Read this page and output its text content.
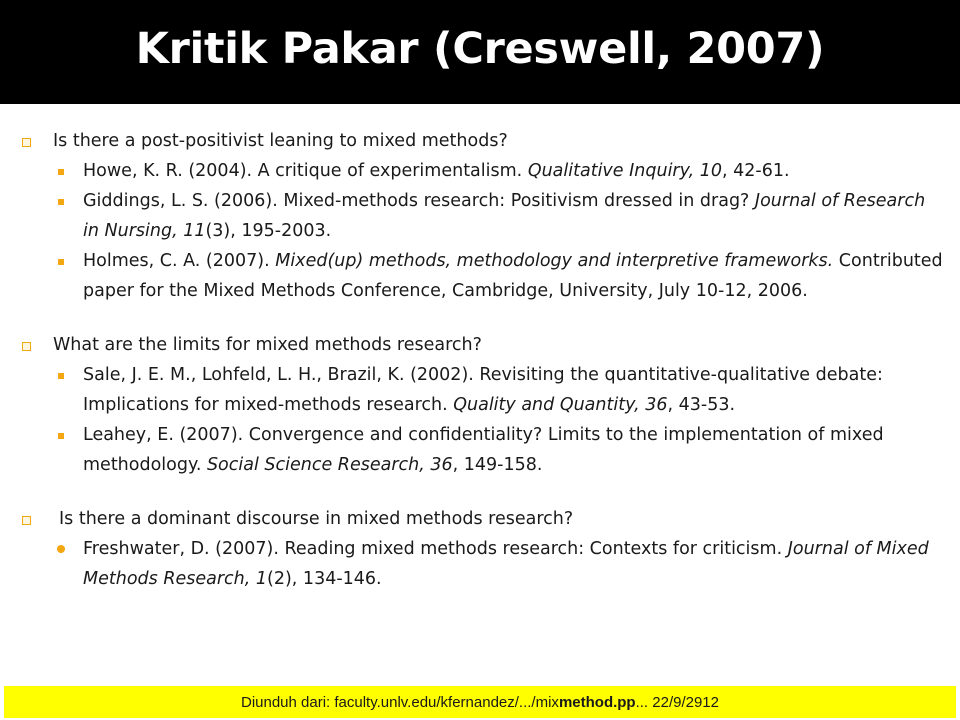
Kritik Pakar (Creswell, 2007)
Is there a post-positivist leaning to mixed methods?
Howe, K. R. (2004). A critique of experimentalism. Qualitative Inquiry, 10, 42-61.
Giddings, L. S. (2006). Mixed-methods research: Positivism dressed in drag? Journal of Research in Nursing, 11(3), 195-2003.
Holmes, C. A. (2007). Mixed(up) methods, methodology and interpretive frameworks. Contributed paper for the Mixed Methods Conference, Cambridge, University, July 10-12, 2006.
What are the limits for mixed methods research?
Sale, J. E. M., Lohfeld, L. H., Brazil, K. (2002). Revisiting the quantitative-qualitative debate: Implications for mixed-methods research. Quality and Quantity, 36, 43-53.
Leahey, E. (2007). Convergence and confidentiality? Limits to the implementation of mixed methodology. Social Science Research, 36, 149-158.
Is there a dominant discourse in mixed methods research?
Freshwater, D. (2007). Reading mixed methods research: Contexts for criticism. Journal of Mixed Methods Research, 1(2), 134-146.
Diunduh dari: faculty.unlv.edu/kfernandez/.../mix method.pp ... 22/9/2912
